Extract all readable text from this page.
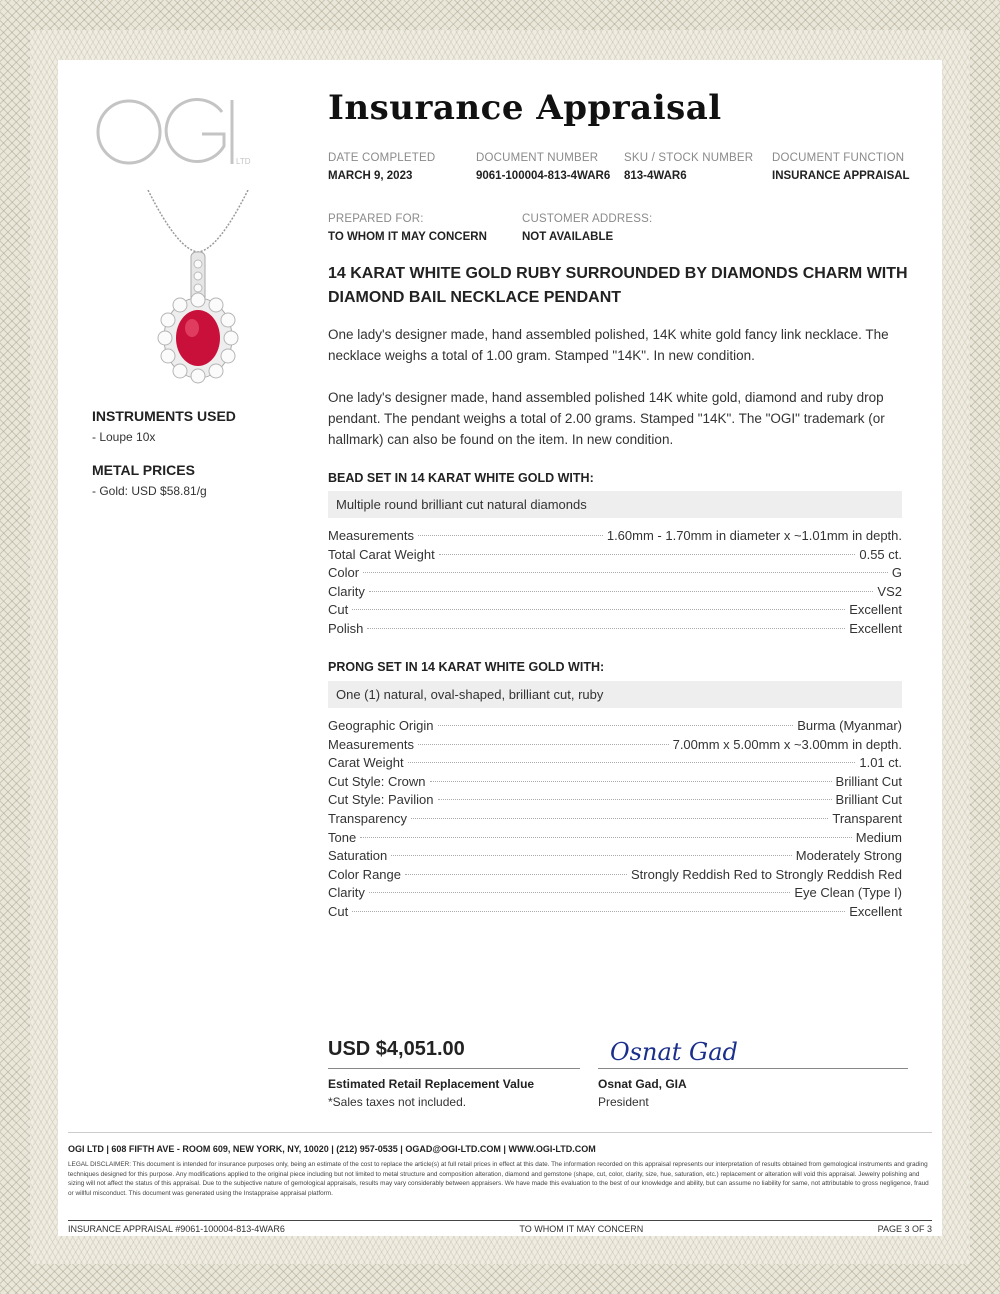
LTD
INSTRUMENTS USED
- Loupe 10x
METAL PRICES
- Gold: USD $58.81/g
Insurance Appraisal
DATE COMPLETED
MARCH 9, 2023
DOCUMENT NUMBER
9061-100004-813-4WAR6
SKU / STOCK NUMBER
813-4WAR6
DOCUMENT FUNCTION
INSURANCE APPRAISAL
PREPARED FOR:
TO WHOM IT MAY CONCERN
CUSTOMER ADDRESS:
NOT AVAILABLE
14 KARAT WHITE GOLD RUBY SURROUNDED BY DIAMONDS CHARM WITH DIAMOND BAIL NECKLACE PENDANT
One lady's designer made, hand assembled polished, 14K white gold fancy link necklace. The necklace weighs a total of 1.00 gram. Stamped "14K". In new condition.
One lady's designer made, hand assembled polished 14K white gold, diamond and ruby drop pendant. The pendant weighs a total of 2.00 grams. Stamped "14K". The "OGI" trademark (or hallmark) can also be found on the item. In new condition.
BEAD SET IN 14 KARAT WHITE GOLD WITH:
Multiple round brilliant cut natural diamonds
Measurements	1.60mm - 1.70mm in diameter x ~1.01mm in depth.
Total Carat Weight	0.55 ct.
Color	G
Clarity	VS2
Cut	Excellent
Polish	Excellent
PRONG SET IN 14 KARAT WHITE GOLD WITH:
One (1) natural, oval-shaped, brilliant cut, ruby
Geographic Origin	Burma (Myanmar)
Measurements	7.00mm x 5.00mm x ~3.00mm in depth.
Carat Weight	1.01 ct.
Cut Style: Crown	Brilliant Cut
Cut Style: Pavilion	Brilliant Cut
Transparency	Transparent
Tone	Medium
Saturation	Moderately Strong
Color Range	Strongly Reddish Red to Strongly Reddish Red
Clarity	Eye Clean (Type I)
Cut	Excellent
USD $4,051.00
Estimated Retail Replacement Value
*Sales taxes not included.
Osnat Gad
Osnat Gad, GIA
President
OGI LTD | 608 FIFTH AVE - ROOM 609, NEW YORK, NY, 10020 | (212) 957-0535 | OGAD@OGI-LTD.COM | WWW.OGI-LTD.COM
LEGAL DISCLAIMER: This document is intended for insurance purposes only, being an estimate of the cost to replace the article(s) at full retail prices in effect at this date. The information recorded on this appraisal represents our interpretation of results obtained from gemological instruments and grading techniques designed for this purpose. Any modifications applied to the original piece including but not limited to metal structure and composition alteration, diamond and gemstone (shape, cut, color, clarity, size, hue, saturation, etc.) replacement or alteration will void this appraisal. Jewelry polishing and sizing will not affect the status of this appraisal. Due to the subjective nature of gemological appraisals, results may vary considerably between appraisers. We have made this evaluation to the best of our knowledge and ability, but can assume no liability for same, not attributable to gross negligence, fraud or willful misconduct. This document was generated using the Instappraise appraisal platform.
INSURANCE APPRAISAL #9061-100004-813-4WAR6	TO WHOM IT MAY CONCERN	PAGE 3 OF 3
